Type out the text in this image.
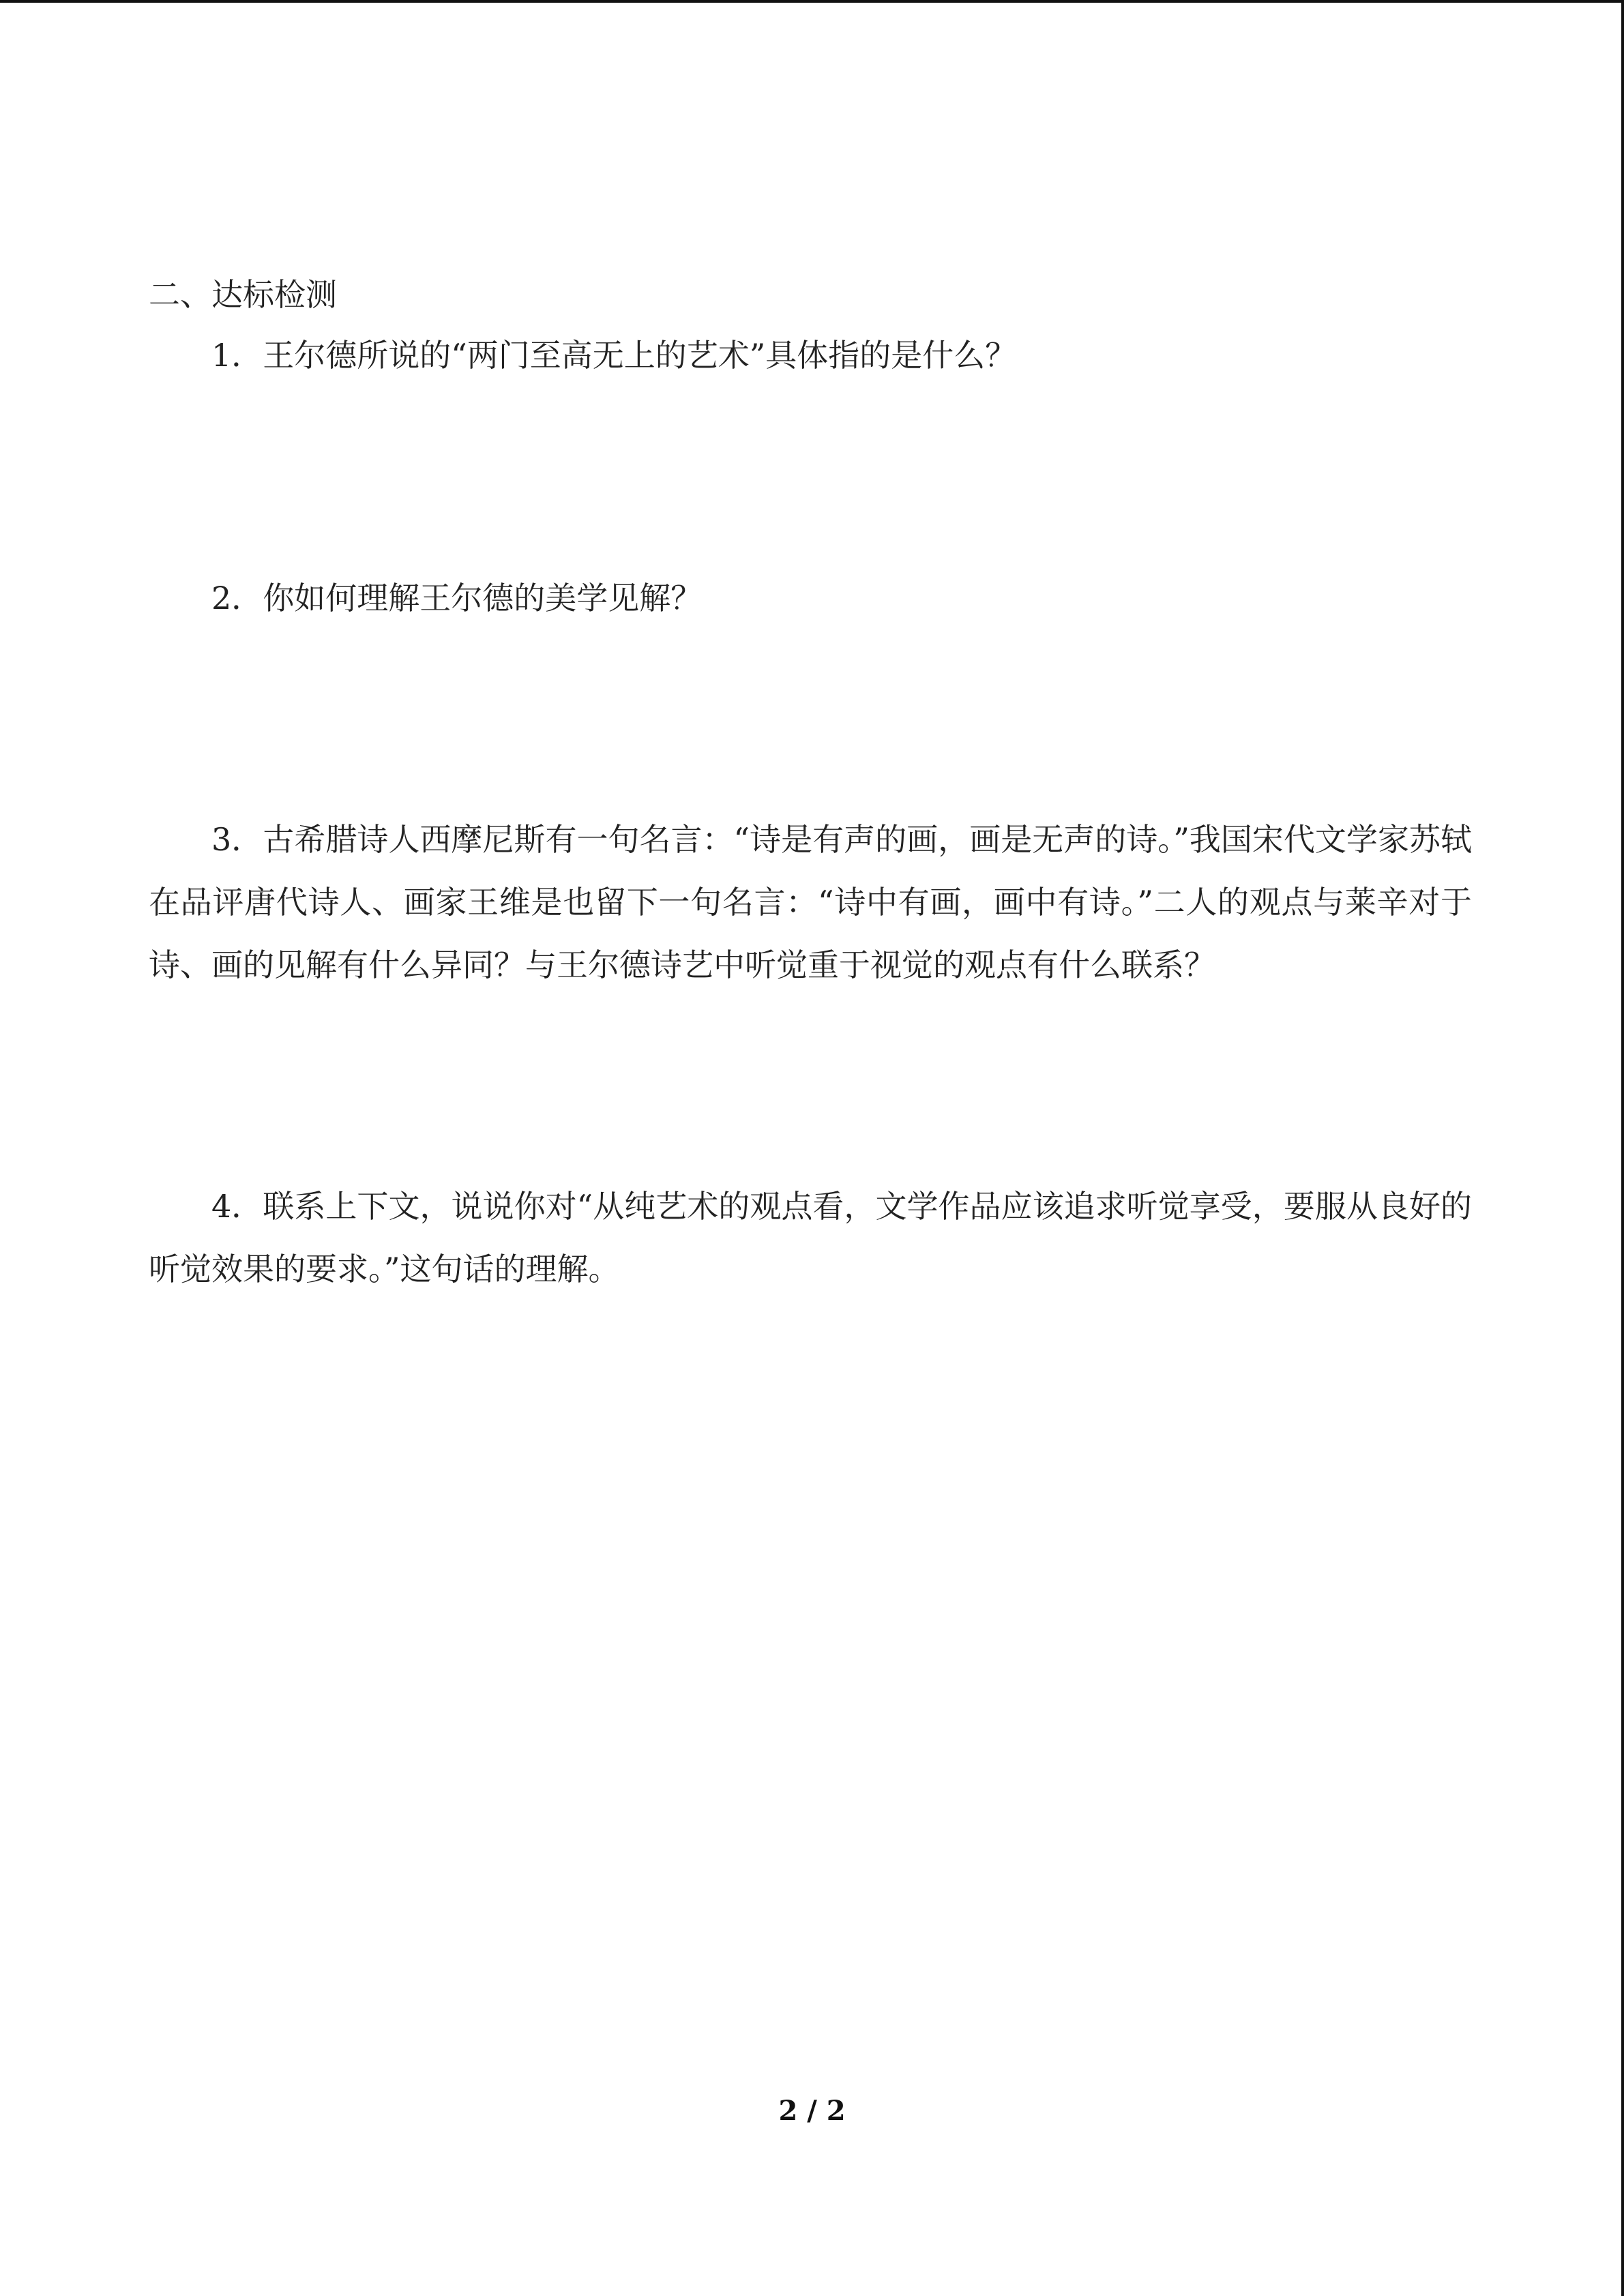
二、达标检测

1．王尔德所说的“两门至高无上的艺术”具体指的是什么？

2．你如何理解王尔德的美学见解？

3．古希腊诗人西摩尼斯有一句名言：“诗是有声的画，画是无声的诗。”我国宋代文学家苏轼在品评唐代诗人、画家王维是也留下一句名言：“诗中有画，画中有诗。”二人的观点与莱辛对于诗、画的见解有什么异同？与王尔德诗艺中听觉重于视觉的观点有什么联系？

4．联系上下文，说说你对“从纯艺术的观点看，文学作品应该追求听觉享受，要服从良好的听觉效果的要求。”这句话的理解。

2 / 2
